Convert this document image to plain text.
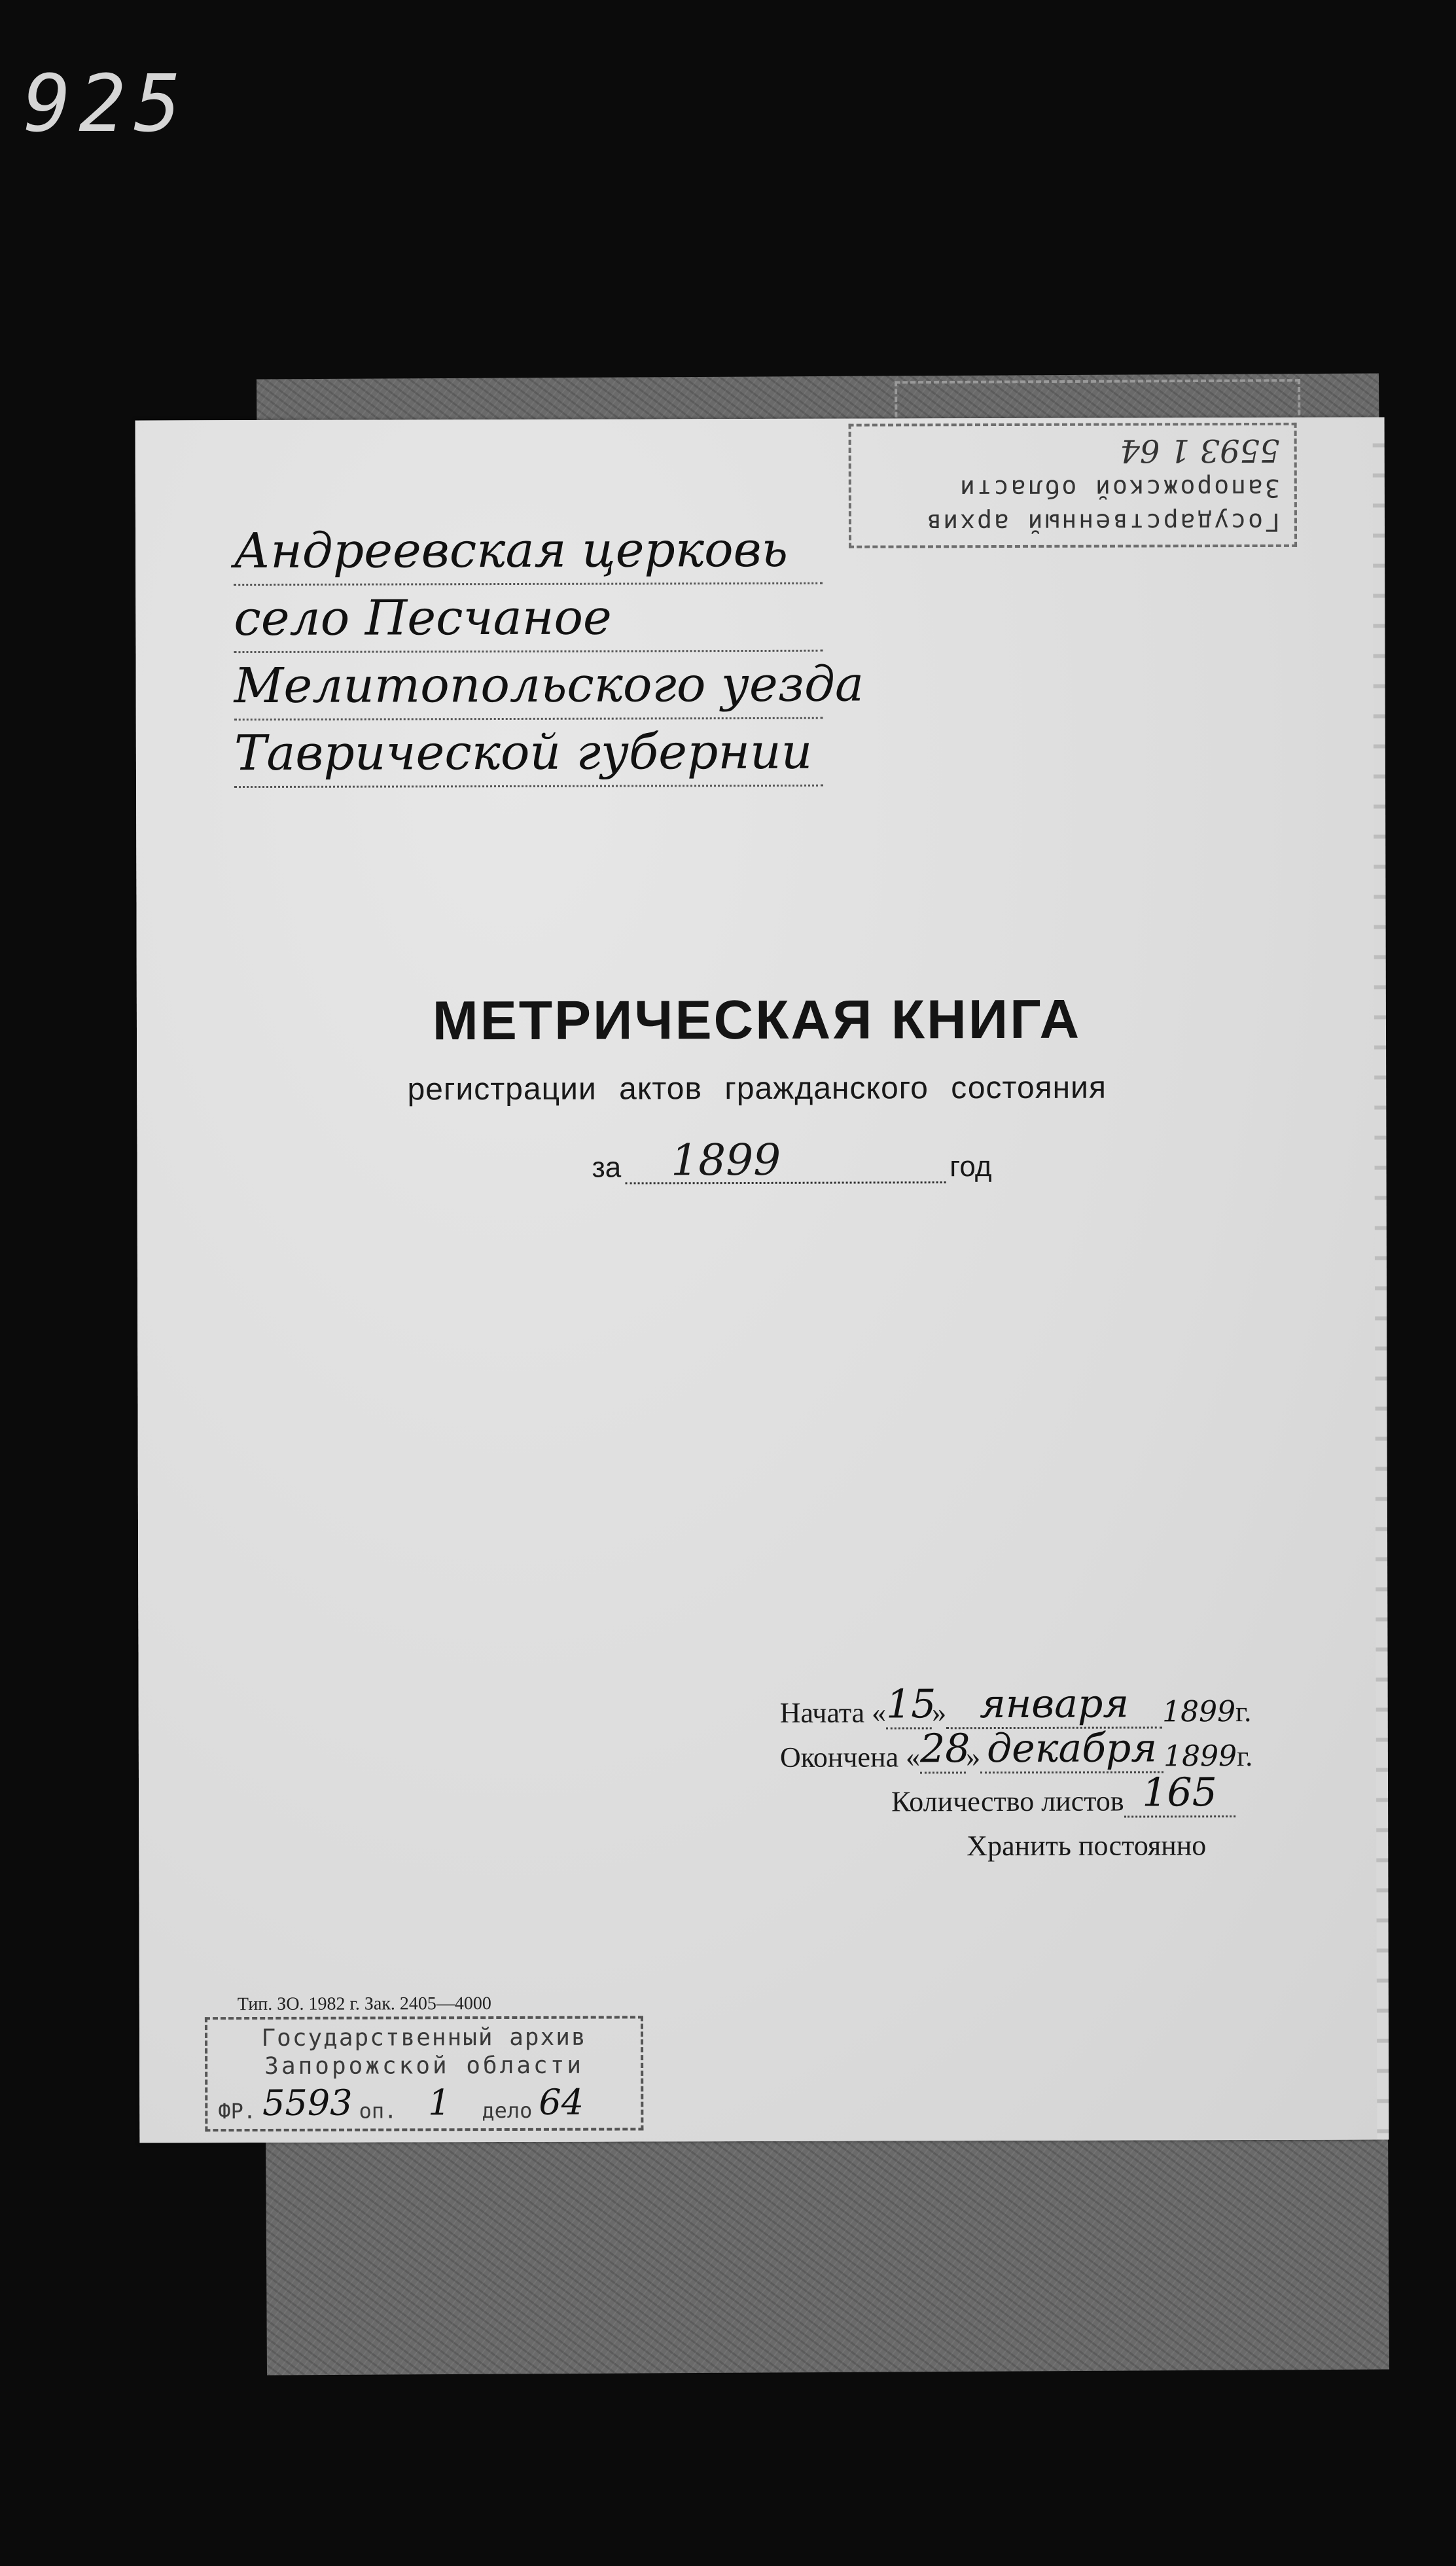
925
Государственный архив
Запорожской области
5593 1 64
Андреевская церковь
село Песчаное
Мелитопольского уезда
Таврической губернии
МЕТРИЧЕСКАЯ КНИГА
регистрации актов гражданского состояния
за	1899	год
Начата « 15
» января	1899 г.
Окончена « 28
» декабря 1899 г.
Количество листов 165
Хранить постоянно
Тип. ЗО. 1982 г. Зак. 2405—4000
Государственный архив
Запорожской области
ФР. 5593 оп. 1	дело 64
